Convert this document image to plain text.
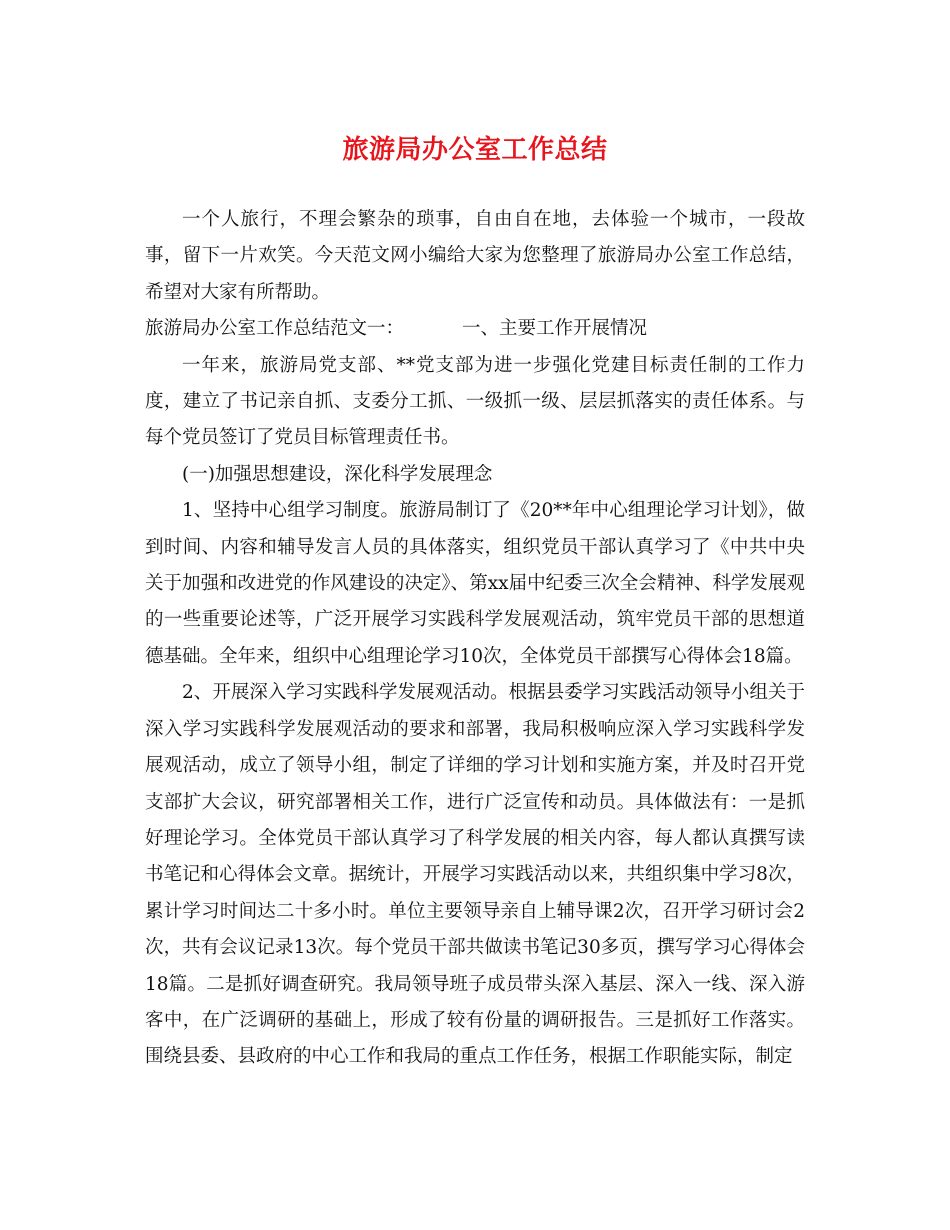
旅游局办公室工作总结

一个人旅行，不理会繁杂的琐事，自由自在地，去体验一个城市，一段故事，留下一片欢笑。今天范文网小编给大家为您整理了旅游局办公室工作总结，希望对大家有所帮助。

旅游局办公室工作总结范文一：	一、主要工作开展情况

一年来，旅游局党支部、**党支部为进一步强化党建目标责任制的工作力度，建立了书记亲自抓、支委分工抓、一级抓一级、层层抓落实的责任体系。与每个党员签订了党员目标管理责任书。

(一)加强思想建设，深化科学发展理念

1、坚持中心组学习制度。旅游局制订了《20**年中心组理论学习计划》，做到时间、内容和辅导发言人员的具体落实，组织党员干部认真学习了《中共中央关于加强和改进党的作风建设的决定》、第xx届中纪委三次全会精神、科学发展观的一些重要论述等，广泛开展学习实践科学发展观活动，筑牢党员干部的思想道德基础。全年来，组织中心组理论学习10次，全体党员干部撰写心得体会18篇。

2、开展深入学习实践科学发展观活动。根据县委学习实践活动领导小组关于深入学习实践科学发展观活动的要求和部署，我局积极响应深入学习实践科学发展观活动，成立了领导小组，制定了详细的学习计划和实施方案，并及时召开党支部扩大会议，研究部署相关工作，进行广泛宣传和动员。具体做法有：一是抓好理论学习。全体党员干部认真学习了科学发展的相关内容，每人都认真撰写读书笔记和心得体会文章。据统计，开展学习实践活动以来，共组织集中学习8次，累计学习时间达二十多小时。单位主要领导亲自上辅导课2次，召开学习研讨会2次，共有会议记录13次。每个党员干部共做读书笔记30多页，撰写学习心得体会18篇。二是抓好调查研究。我局领导班子成员带头深入基层、深入一线、深入游客中，在广泛调研的基础上，形成了较有份量的调研报告。三是抓好工作落实。围绕县委、县政府的中心工作和我局的重点工作任务，根据工作职能实际，制定
